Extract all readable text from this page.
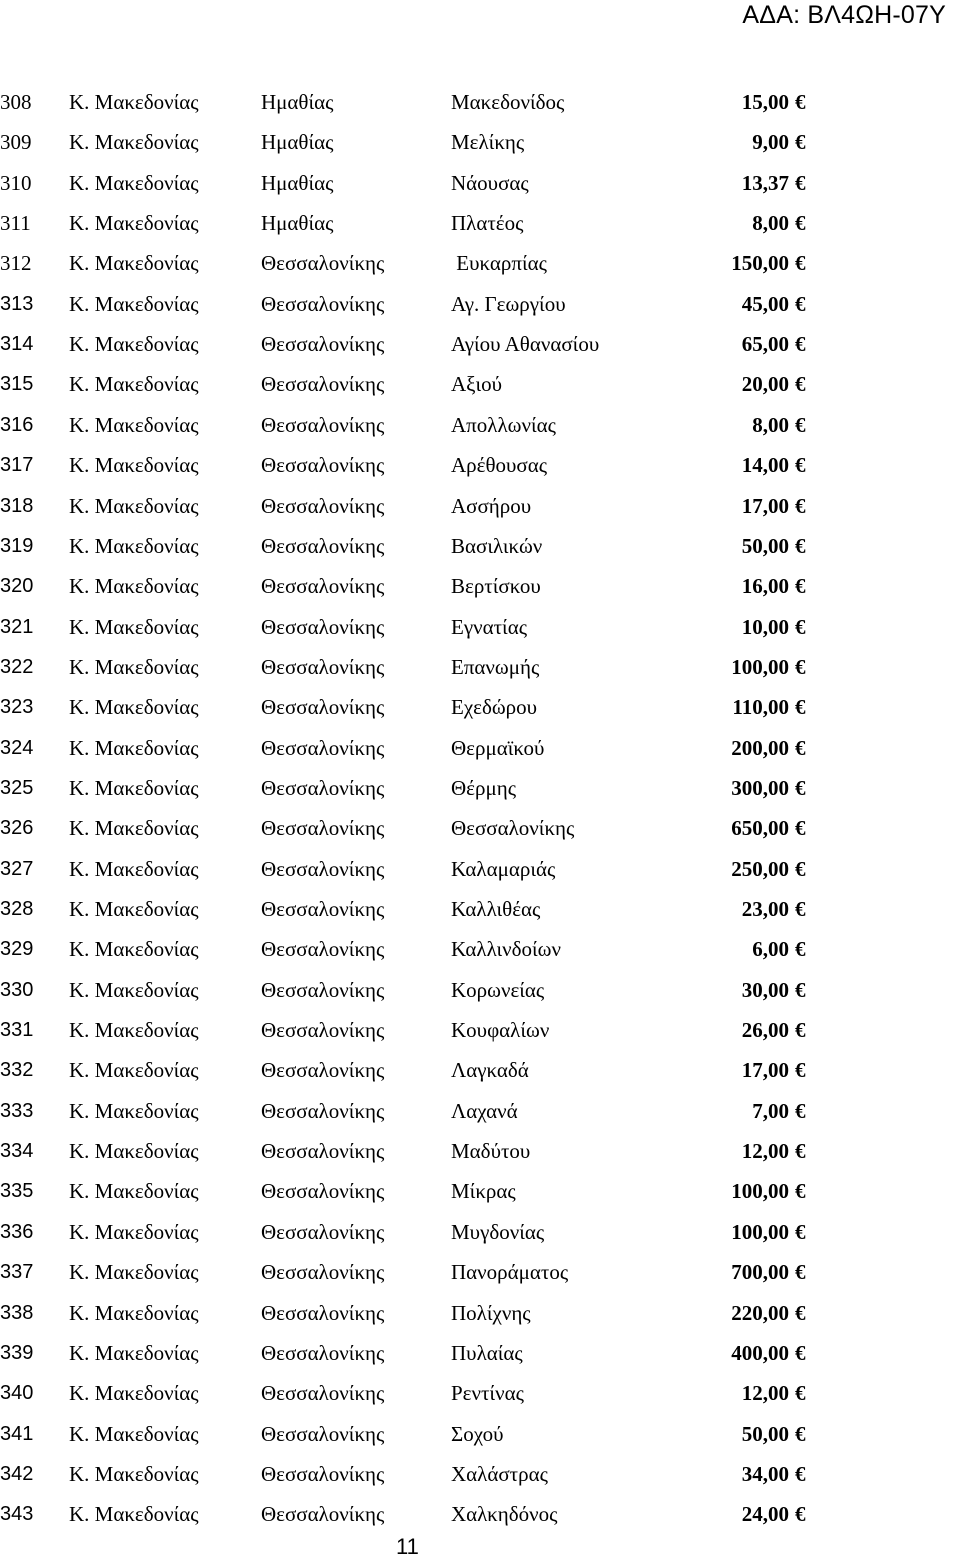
ΑΔΑ: ΒΛ4ΩΗ-07Υ
308 Κ. Μακεδονίας	Ημαθίας	Μακεδονίδος	15,00 €
309 Κ. Μακεδονίας	Ημαθίας	Μελίκης	9,00 €
310 Κ. Μακεδονίας	Ημαθίας	Νάουσας	13,37 €
311 Κ. Μακεδονίας	Ημαθίας	Πλατέος	8,00 €
312 Κ. Μακεδονίας	Θεσσαλονίκης	Ευκαρπίας	150,00 €
313 Κ. Μακεδονίας	Θεσσαλονίκης	Αγ. Γεωργίου	45,00 €
314 Κ. Μακεδονίας	Θεσσαλονίκης	Αγίου Αθανασίου	65,00 €
315 Κ. Μακεδονίας	Θεσσαλονίκης	Αξιού	20,00 €
316 Κ. Μακεδονίας	Θεσσαλονίκης	Απολλωνίας	8,00 €
317 Κ. Μακεδονίας	Θεσσαλονίκης	Αρέθουσας	14,00 €
318 Κ. Μακεδονίας	Θεσσαλονίκης	Ασσήρου	17,00 €
319 Κ. Μακεδονίας	Θεσσαλονίκης	Βασιλικών	50,00 €
320 Κ. Μακεδονίας	Θεσσαλονίκης	Βερτίσκου	16,00 €
321 Κ. Μακεδονίας	Θεσσαλονίκης	Εγνατίας	10,00 €
322 Κ. Μακεδονίας	Θεσσαλονίκης	Επανωμής	100,00 €
323 Κ. Μακεδονίας	Θεσσαλονίκης	Εχεδώρου	110,00 €
324 Κ. Μακεδονίας	Θεσσαλονίκης	Θερμαϊκού	200,00 €
325 Κ. Μακεδονίας	Θεσσαλονίκης	Θέρμης	300,00 €
326 Κ. Μακεδονίας	Θεσσαλονίκης	Θεσσαλονίκης	650,00 €
327 Κ. Μακεδονίας	Θεσσαλονίκης	Καλαμαριάς	250,00 €
328 Κ. Μακεδονίας	Θεσσαλονίκης	Καλλιθέας	23,00 €
329 Κ. Μακεδονίας	Θεσσαλονίκης	Καλλινδοίων	6,00 €
330 Κ. Μακεδονίας	Θεσσαλονίκης	Κορωνείας	30,00 €
331 Κ. Μακεδονίας	Θεσσαλονίκης	Κουφαλίων	26,00 €
332 Κ. Μακεδονίας	Θεσσαλονίκης	Λαγκαδά	17,00 €
333 Κ. Μακεδονίας	Θεσσαλονίκης	Λαχανά	7,00 €
334 Κ. Μακεδονίας	Θεσσαλονίκης	Μαδύτου	12,00 €
335 Κ. Μακεδονίας	Θεσσαλονίκης	Μίκρας	100,00 €
336 Κ. Μακεδονίας	Θεσσαλονίκης	Μυγδονίας	100,00 €
337 Κ. Μακεδονίας	Θεσσαλονίκης	Πανοράματος	700,00 €
338 Κ. Μακεδονίας	Θεσσαλονίκης	Πολίχνης	220,00 €
339 Κ. Μακεδονίας	Θεσσαλονίκης	Πυλαίας	400,00 €
340 Κ. Μακεδονίας	Θεσσαλονίκης	Ρεντίνας	12,00 €
341 Κ. Μακεδονίας	Θεσσαλονίκης	Σοχού	50,00 €
342 Κ. Μακεδονίας	Θεσσαλονίκης	Χαλάστρας	34,00 €
343 Κ. Μακεδονίας	Θεσσαλονίκης	Χαλκηδόνος	24,00 €
11
